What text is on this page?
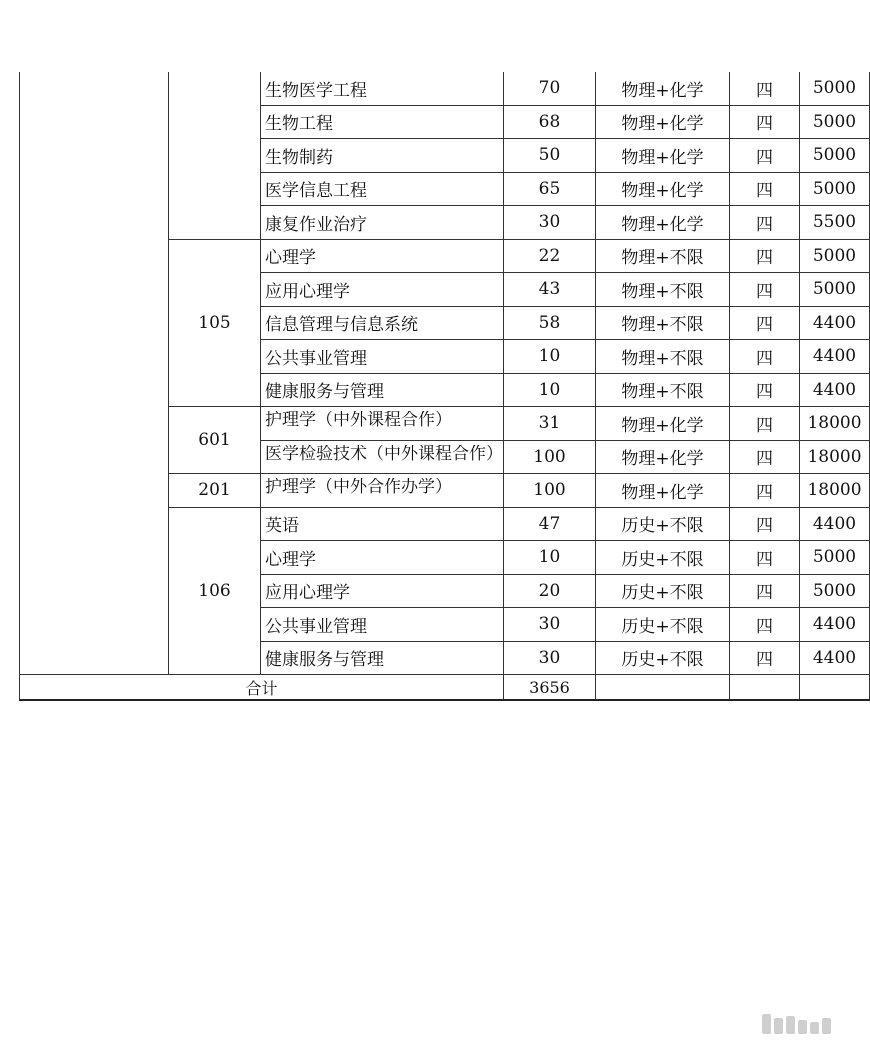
		生物医学工程	70	物理+化学	四	5000
		生物工程	68	物理+化学	四	5000
		生物制药	50	物理+化学	四	5000
		医学信息工程	65	物理+化学	四	5000
		康复作业治疗	30	物理+化学	四	5500
	105	心理学	22	物理+不限	四	5000
		应用心理学	43	物理+不限	四	5000
		信息管理与信息系统	58	物理+不限	四	4400
		公共事业管理	10	物理+不限	四	4400
		健康服务与管理	10	物理+不限	四	4400
	601	护理学（中外课程合作）	31	物理+化学	四	18000

		医学检验技术（中外课程合作）	100	物理+化学	四	18000
	201	护理学（中外合作办学）	100	物理+化学	四	18000
	106	英语	47	历史+不限	四	4400
		心理学	10	历史+不限	四	5000
		应用心理学	20	历史+不限	四	5000
		公共事业管理	30	历史+不限	四	4400
		健康服务与管理	30	历史+不限	四	4400
合计			3656			
